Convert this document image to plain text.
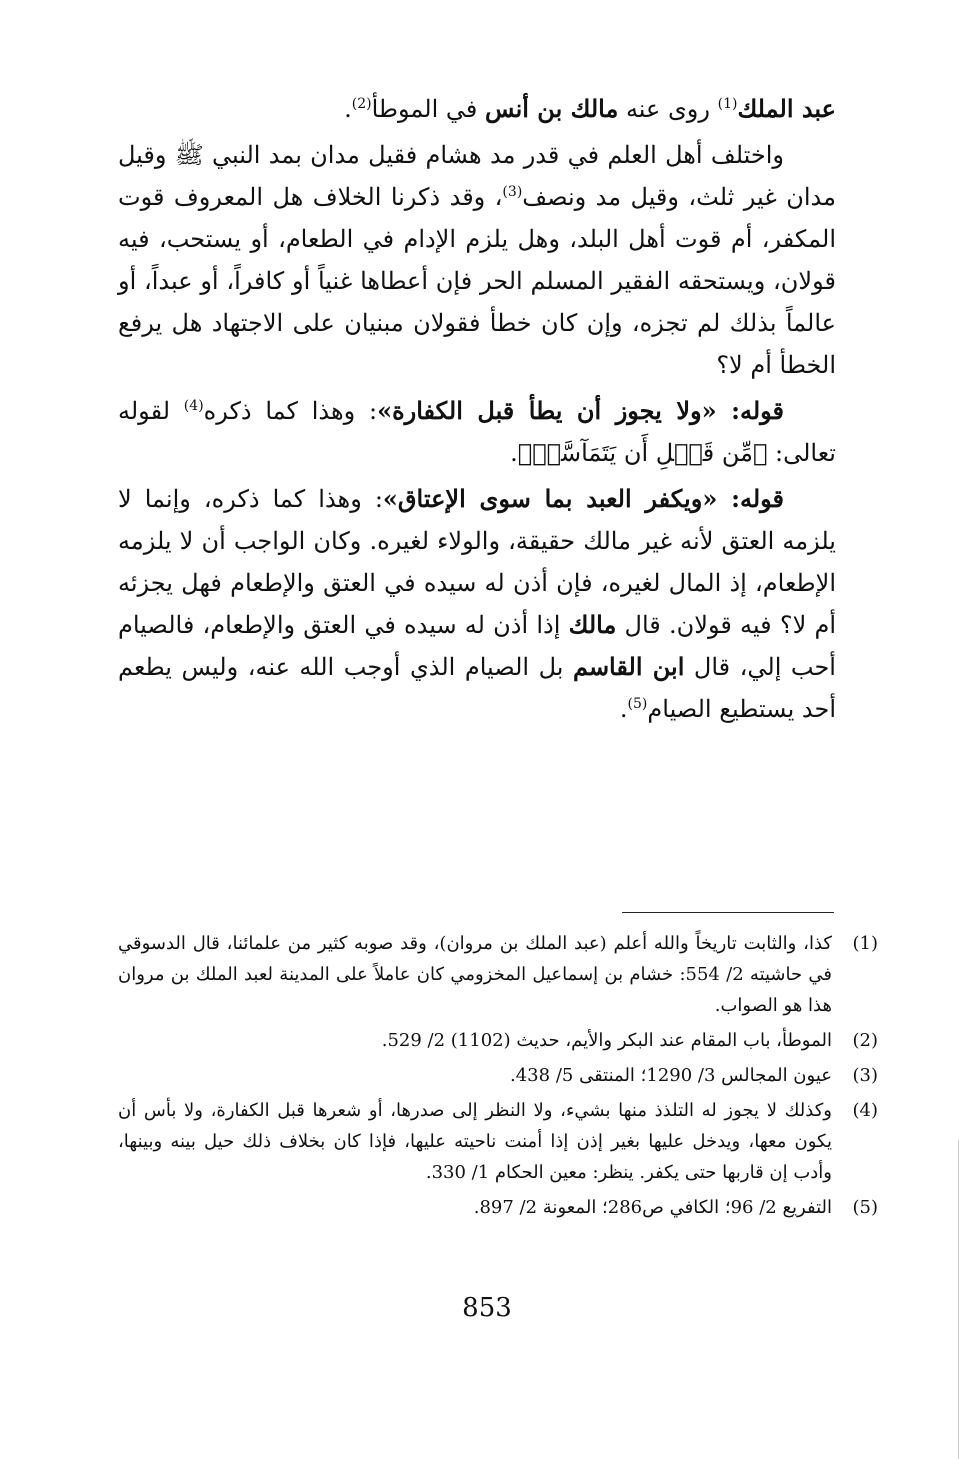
عبد الملك$^{(1)}$ روى عنه مالك بن أنس في الموطأ$^{(2)}$.

واختلف أهل العلم في قدر مد هشام فقيل مدان بمد النبي ﷺ وقيل مدان غير ثلث، وقيل مد ونصف$^{(3)}$، وقد ذكرنا الخلاف هل المعروف قوت المكفر، أم قوت أهل البلد، وهل يلزم الإدام في الطعام، أو يستحب، فيه قولان، ويستحقه الفقير المسلم الحر فإن أعطاها غنياً أو كافراً، أو عبداً، أو عالماً بذلك لم تجزه، وإن كان خطأ فقولان مبنيان على الاجتهاد هل يرفع الخطأ أم لا؟

قوله: «ولا يجوز أن يطأ قبل الكفارة»: وهذا كما ذكره$^{(4)}$ لقوله تعالى: ﴿مِّن قَبۡلِ أَن يَتَمَآسَّاۚ﴾.

قوله: «ويكفر العبد بما سوى الإعتاق»: وهذا كما ذكره، وإنما لا يلزمه العتق لأنه غير مالك حقيقة، والولاء لغيره. وكان الواجب أن لا يلزمه الإطعام، إذ المال لغيره، فإن أذن له سيده في العتق والإطعام فهل يجزئه أم لا؟ فيه قولان. قال مالك إذا أذن له سيده في العتق والإطعام، فالصيام أحب إلي، قال ابن القاسم بل الصيام الذي أوجب الله عنه، وليس يطعم أحد يستطيع الصيام$^{(5)}$.

(1)
كذا، والثابت تاريخاً والله أعلم (عبد الملك بن مروان)، وقد صوبه كثير من علمائنا، قال الدسوقي في حاشيته 2/ 554: خشام بن إسماعيل المخزومي كان عاملاً على المدينة لعبد الملك بن مروان هذا هو الصواب.
(2)
الموطأ، باب المقام عند البكر والأيم، حديث (1102) 2/ 529.
(3)
عيون المجالس 3/ 1290؛ المنتقى 5/ 438.
(4)
وكذلك لا يجوز له التلذذ منها بشيء، ولا النظر إلى صدرها، أو شعرها قبل الكفارة، ولا بأس أن يكون معها، ويدخل عليها بغير إذن إذا أمنت ناحيته عليها، فإذا كان بخلاف ذلك حيل بينه وبينها، وأدب إن قاربها حتى يكفر. ينظر: معين الحكام 1/ 330.
(5)
التفريع 2/ 96؛ الكافي ص286؛ المعونة 2/ 897.
853
